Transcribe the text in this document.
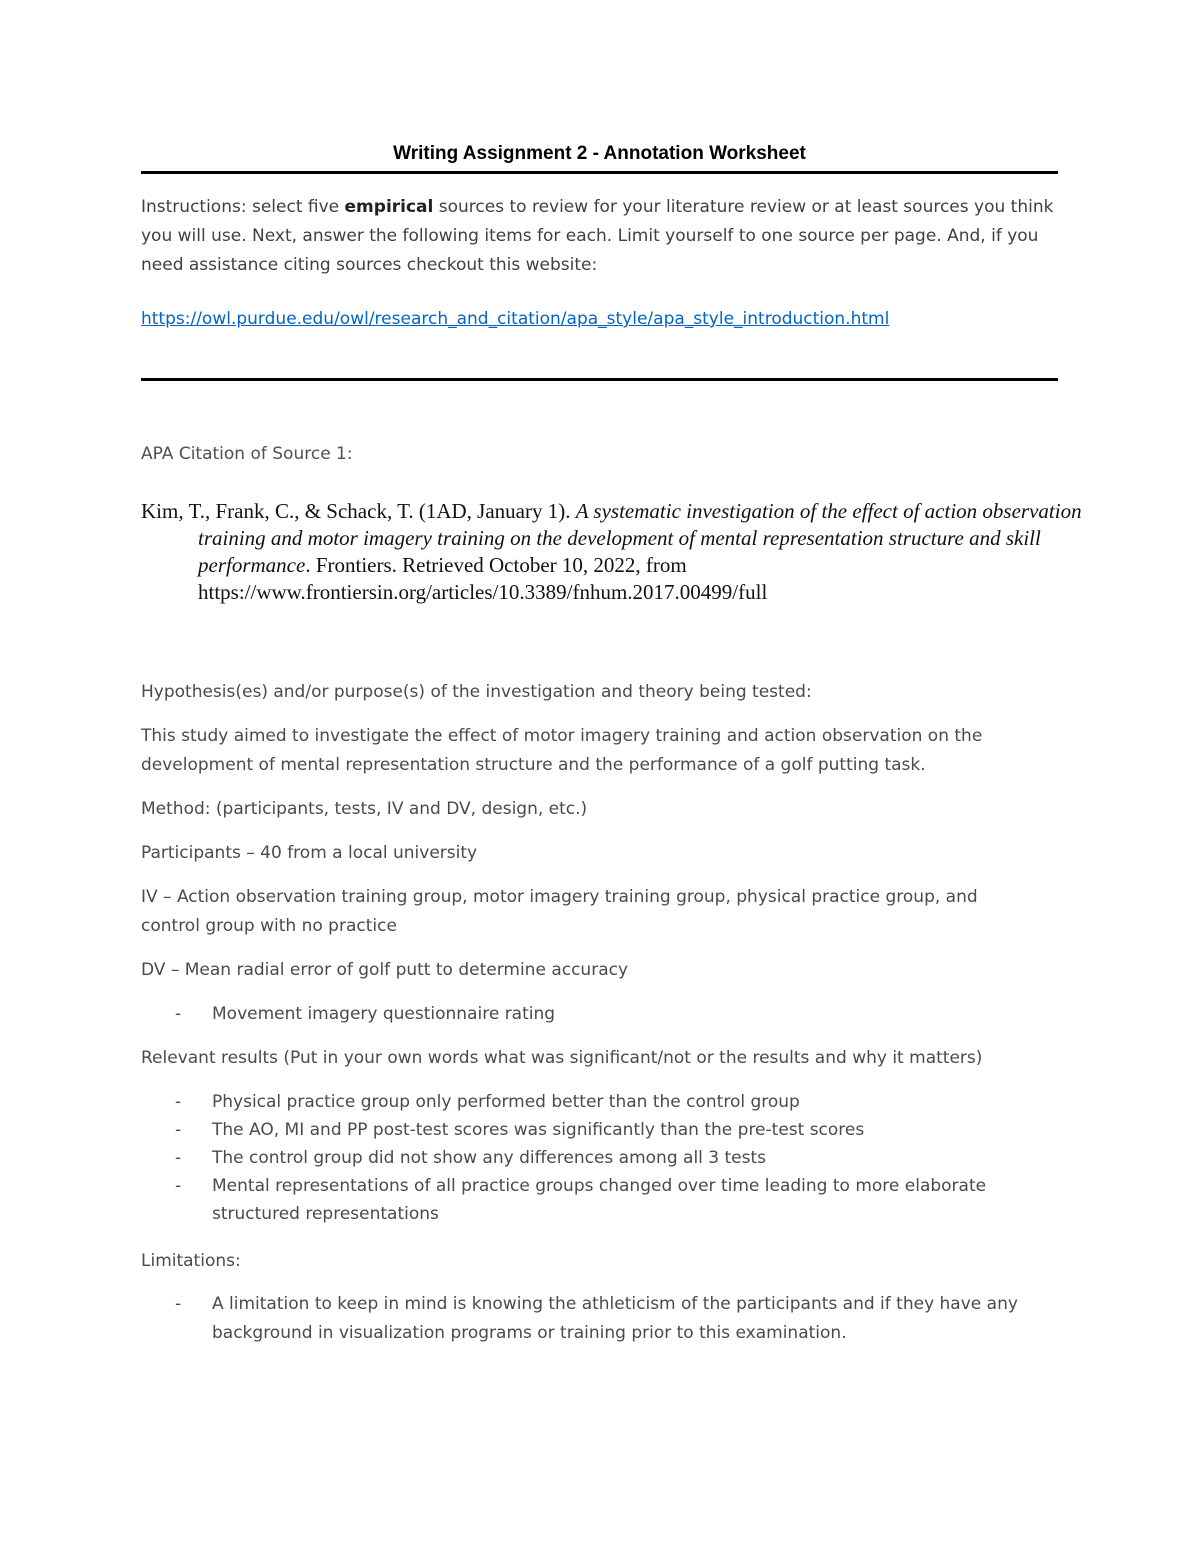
Writing Assignment 2 - Annotation Worksheet
Instructions: select five empirical sources to review for your literature review or at least sources you think you will use. Next, answer the following items for each. Limit yourself to one source per page. And, if you need assistance citing sources checkout this website:
https://owl.purdue.edu/owl/research_and_citation/apa_style/apa_style_introduction.html
APA Citation of Source 1:
Kim, T., Frank, C., & Schack, T. (1AD, January 1). A systematic investigation of the effect of action observation training and motor imagery training on the development of mental representation structure and skill performance. Frontiers. Retrieved October 10, 2022, from https://www.frontiersin.org/articles/10.3389/fnhum.2017.00499/full
Hypothesis(es) and/or purpose(s) of the investigation and theory being tested:
This study aimed to investigate the effect of motor imagery training and action observation on the development of mental representation structure and the performance of a golf putting task.
Method: (participants, tests, IV and DV, design, etc.)
Participants – 40 from a local university
IV – Action observation training group, motor imagery training group, physical practice group, and control group with no practice
DV – Mean radial error of golf putt to determine accuracy
- Movement imagery questionnaire rating
Relevant results (Put in your own words what was significant/not or the results and why it matters)
- Physical practice group only performed better than the control group
- The AO, MI and PP post-test scores was significantly than the pre-test scores
- The control group did not show any differences among all 3 tests
- Mental representations of all practice groups changed over time leading to more elaborate structured representations
Limitations:
- A limitation to keep in mind is knowing the athleticism of the participants and if they have any background in visualization programs or training prior to this examination.
